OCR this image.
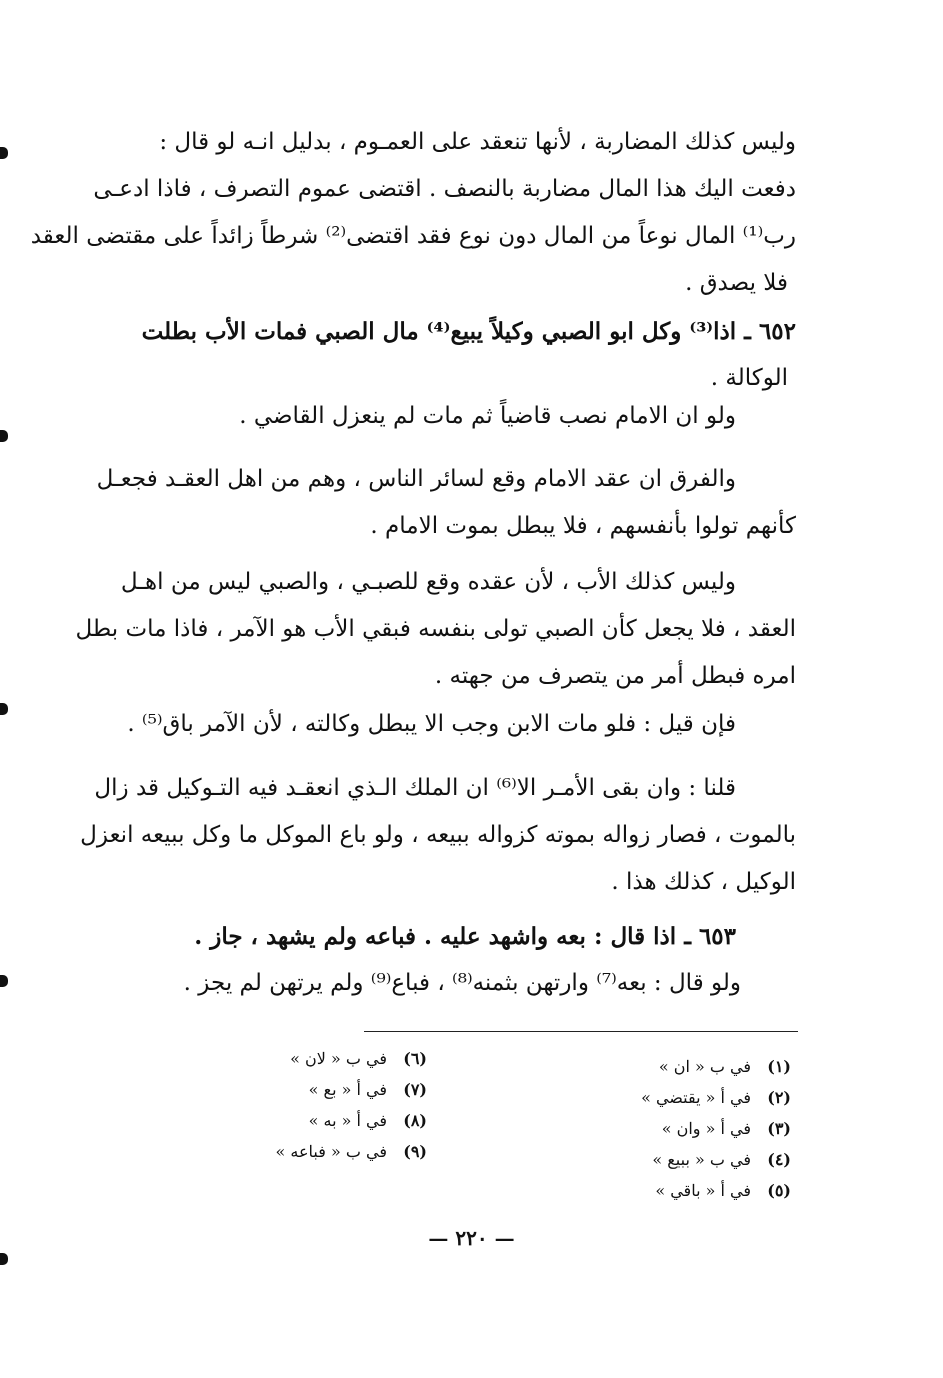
وليس كذلك المضاربة ، لأنها تنعقد على العمـوم ، بدليل انـه لو قال :
دفعت اليك هذا المال مضاربة بالنصف . اقتضى عموم التصرف ، فاذا ادعـى
رب⁽¹⁾ المال نوعاً من المال دون نوع فقد اقتضى⁽²⁾ شرطاً زائداً على مقتضى العقد
فلا يصدق .
٦٥٢ ـ اذا⁽³⁾ وكل ابو الصبي وكيلاً يبيع⁽⁴⁾ مال الصبي فمات الأب بطلت
الوكالة .
ولو ان الامام نصب قاضياً ثم مات لم ينعزل القاضي .
والفرق ان عقد الامام وقع لسائر الناس ، وهم من اهل العقـد فجعـل
كأنهم تولوا بأنفسهم ، فلا يبطل بموت الامام .
وليس كذلك الأب ، لأن عقده وقع للصبـي ، والصبي ليس من اهـل
العقد ، فلا يجعل كأن الصبي تولى بنفسه فبقي الأب هو الآمر ، فاذا مات بطل
امره فبطل أمر من يتصرف من جهته .
فإن قيل : فلو مات الابن وجب الا يبطل وكالته ، لأن الآمر باق⁽⁵⁾ .
قلنا : وان بقى الأمـر الا⁽⁶⁾ ان الملك الـذي انعقـد فيه التـوكيل قد زال
بالموت ، فصار زواله بموته كزواله ببيعه ، ولو باع الموكل ما وكل ببيعه انعزل
الوكيل ، كذلك هذا .
٦٥٣ ـ اذا قال : بعه واشهد عليه . فباعه ولم يشهد ، جاز .
ولو قال : بعه⁽⁷⁾ وارتهن بثمنه⁽⁸⁾ ، فباع⁽⁹⁾ ولم يرتهن لم يجز .
(١)في ب « ان »
(٢)في أ « يقتضي »
(٣)في أ « وان »
(٤)في ب « ببيع »
(٥)في أ « باقي »
(٦)في ب « لان »
(٧)في أ « بع »
(٨)في أ « به »
(٩)في ب « فباعه »
— ٢٢٠ —
